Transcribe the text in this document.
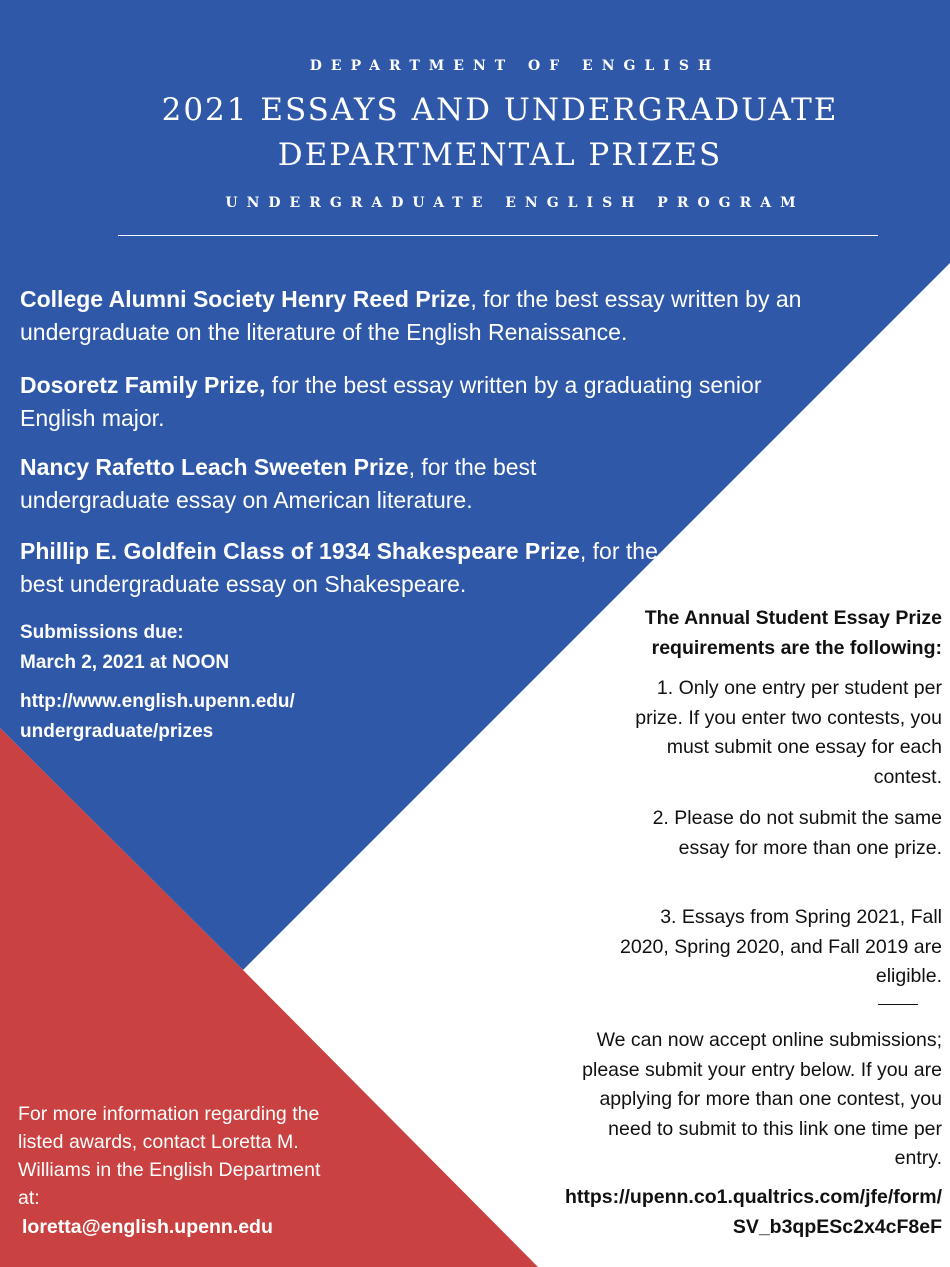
DEPARTMENT OF ENGLISH
2021 ESSAYS AND UNDERGRADUATE
DEPARTMENTAL PRIZES
UNDERGRADUATE ENGLISH PROGRAM
College Alumni Society Henry Reed Prize, for the best essay written by an undergraduate on the literature of the English Renaissance.
Dosoretz Family Prize, for the best essay written by a graduating senior English major.
Nancy Rafetto Leach Sweeten Prize, for the best undergraduate essay on American literature.
Phillip E. Goldfein Class of 1934 Shakespeare Prize, for the best undergraduate essay on Shakespeare.
Submissions due:
March 2, 2021 at NOON
http://www.english.upenn.edu/
undergraduate/prizes
The Annual Student Essay Prize
requirements are the following:
1. Only one entry per student per prize. If you enter two contests, you must submit one essay for each contest.
2. Please do not submit the same essay for more than one prize.
3. Essays from Spring 2021, Fall 2020, Spring 2020, and Fall 2019 are eligible.
We can now accept online submissions; please submit your entry below. If you are applying for more than one contest, you need to submit to this link one time per entry.
https://upenn.co1.qualtrics.com/jfe/form/
SV_b3qpESc2x4cF8eF
For more information regarding the listed awards, contact Loretta M. Williams in the English Department at:
loretta@english.upenn.edu
